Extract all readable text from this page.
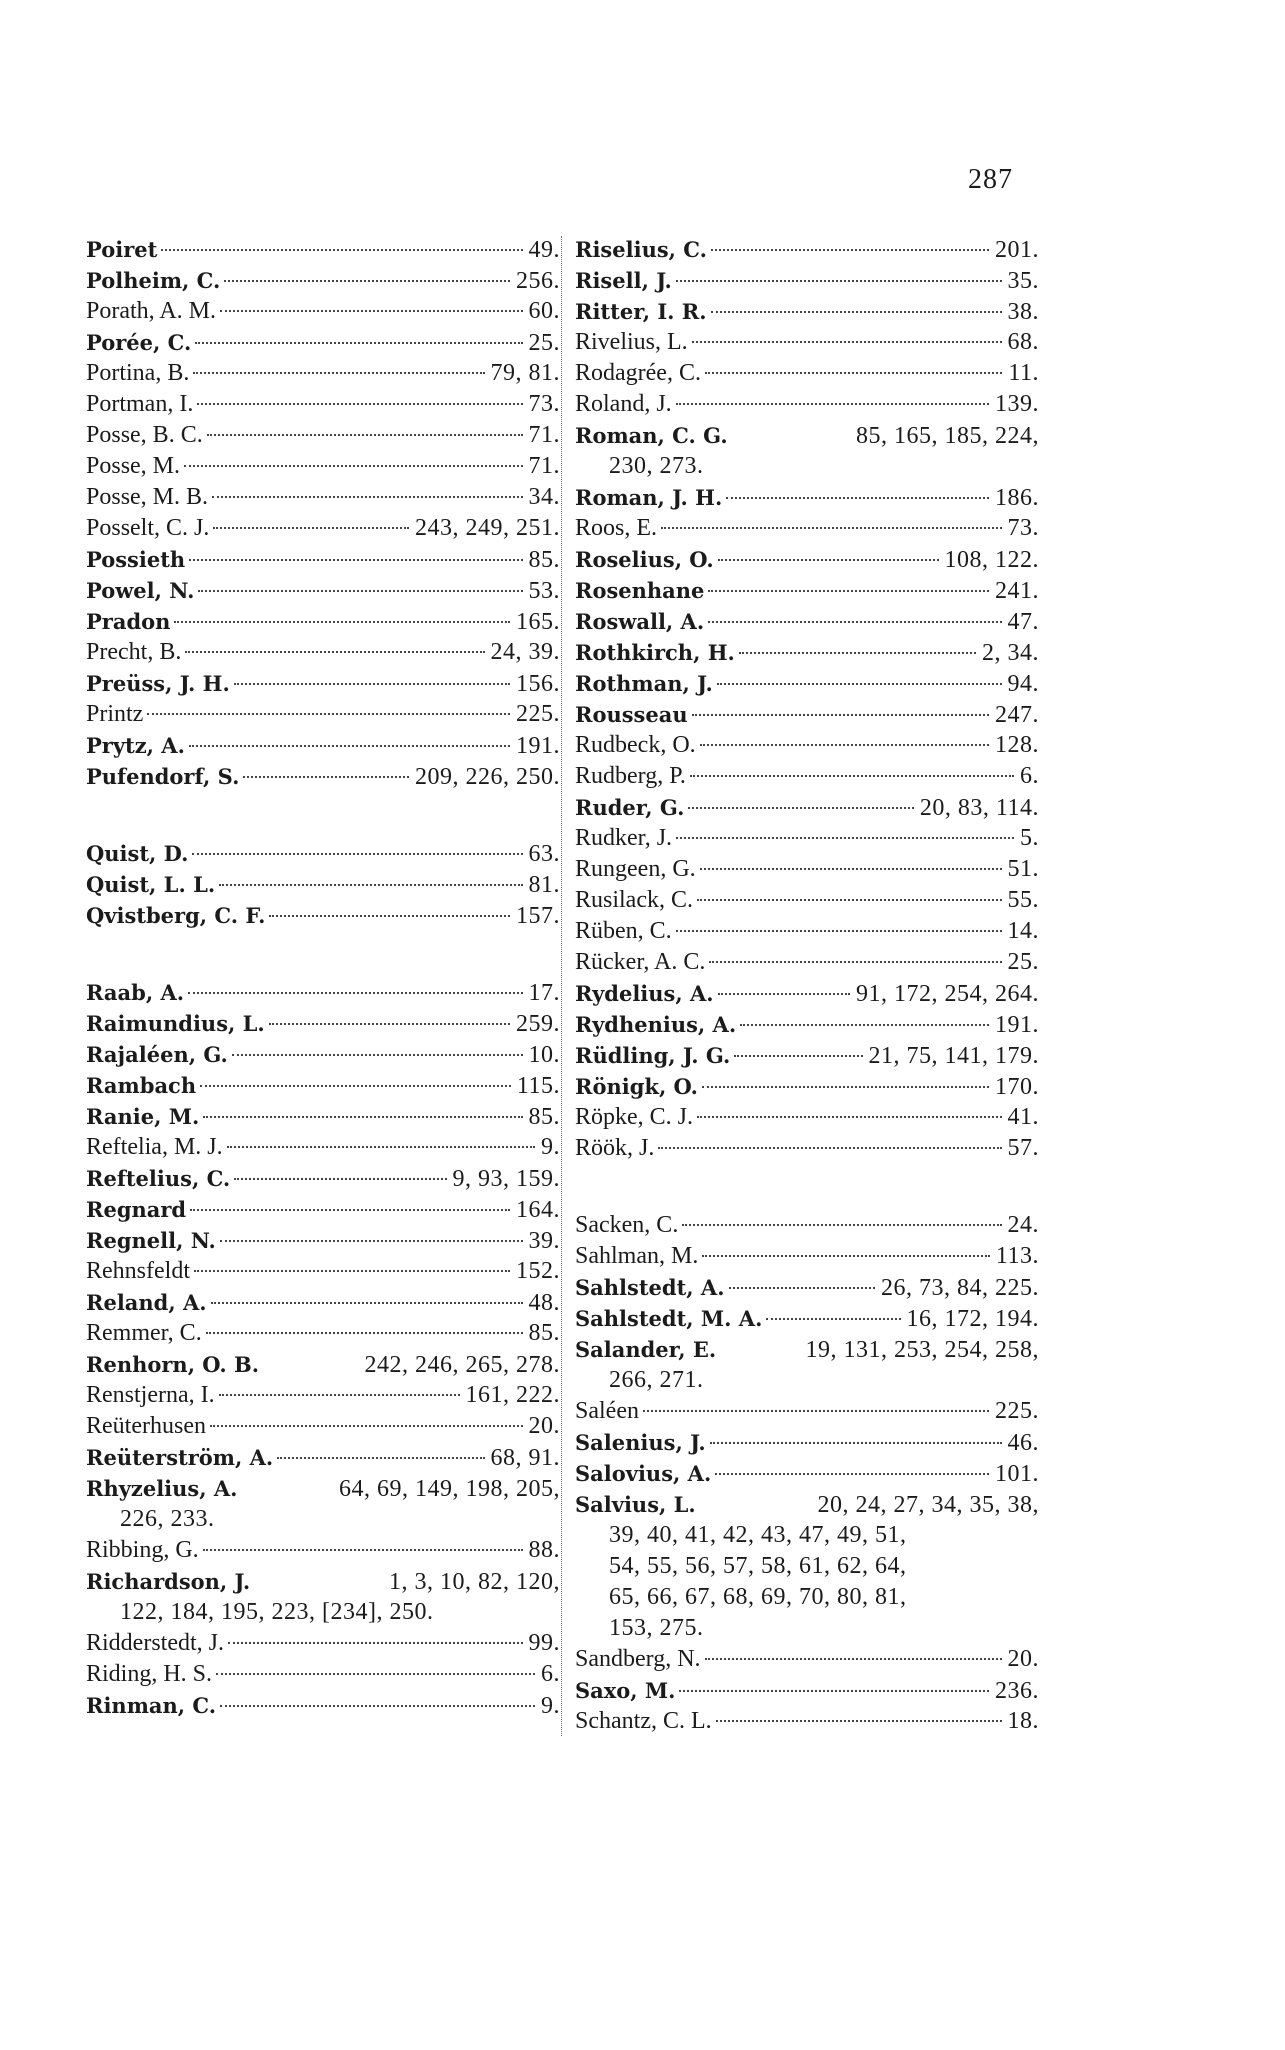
287
Poiret	49.
Polheim, C.	256.
Porath, A. M.	60.
Porée, C.	25.
Portina, B.	79, 81.
Portman, I.	73.
Posse, B. C.	71.
Posse, M.	71.
Posse, M. B.	34.
Posselt, C. J.	243, 249, 251.
Possieth	85.
Powel, N.	53.
Pradon	165.
Precht, B.	24, 39.
Preüss, J. H.	156.
Printz	225.
Prytz, A.	191.
Pufendorf, S.	209, 226, 250.
Quist, D.	63.
Quist, L. L.	81.
Qvistberg, C. F.	157.
Raab, A.	17.
Raimundius, L.	259.
Rajaléen, G.	10.
Rambach	115.
Ranie, M.	85.
Reftelia, M. J.	9.
Reftelius, C.	9, 93, 159.
Regnard	164.
Regnell, N.	39.
Rehnsfeldt	152.
Reland, A.	48.
Remmer, C.	85.
Renhorn, O. B.	242, 246, 265, 278.
Renstjerna, I.	161, 222.
Reüterhusen	20.
Reüterström, A.	68, 91.
Rhyzelius, A.	64, 69, 149, 198, 205,
226, 233.
Ribbing, G.	88.
Richardson, J.	1, 3, 10, 82, 120,
122, 184, 195, 223, [234], 250.
Ridderstedt, J.	99.
Riding, H. S.	6.
Rinman, C.	9.
Riselius, C.	201.
Risell, J.	35.
Ritter, I. R.	38.
Rivelius, L.	68.
Rodagrée, C.	11.
Roland, J.	139.
Roman, C. G.	85, 165, 185, 224,
230, 273.
Roman, J. H.	186.
Roos, E.	73.
Roselius, O.	108, 122.
Rosenhane	241.
Roswall, A.	47.
Rothkirch, H.	2, 34.
Rothman, J.	94.
Rousseau	247.
Rudbeck, O.	128.
Rudberg, P.	6.
Ruder, G.	20, 83, 114.
Rudker, J.	5.
Rungeen, G.	51.
Rusilack, C.	55.
Rüben, C.	14.
Rücker, A. C.	25.
Rydelius, A.	91, 172, 254, 264.
Rydhenius, A.	191.
Rüdling, J. G.	21, 75, 141, 179.
Rönigk, O.	170.
Röpke, C. J.	41.
Röök, J.	57.
Sacken, C.	24.
Sahlman, M.	113.
Sahlstedt, A.	26, 73, 84, 225.
Sahlstedt, M. A.	16, 172, 194.
Salander, E.	19, 131, 253, 254, 258,
266, 271.
Saléen	225.
Salenius, J.	46.
Salovius, A.	101.
Salvius, L.	20, 24, 27, 34, 35, 38,
39, 40, 41, 42, 43, 47, 49, 51,
54, 55, 56, 57, 58, 61, 62, 64,
65, 66, 67, 68, 69, 70, 80, 81,
153, 275.
Sandberg, N.	20.
Saxo, M.	236.
Schantz, C. L.	18.
